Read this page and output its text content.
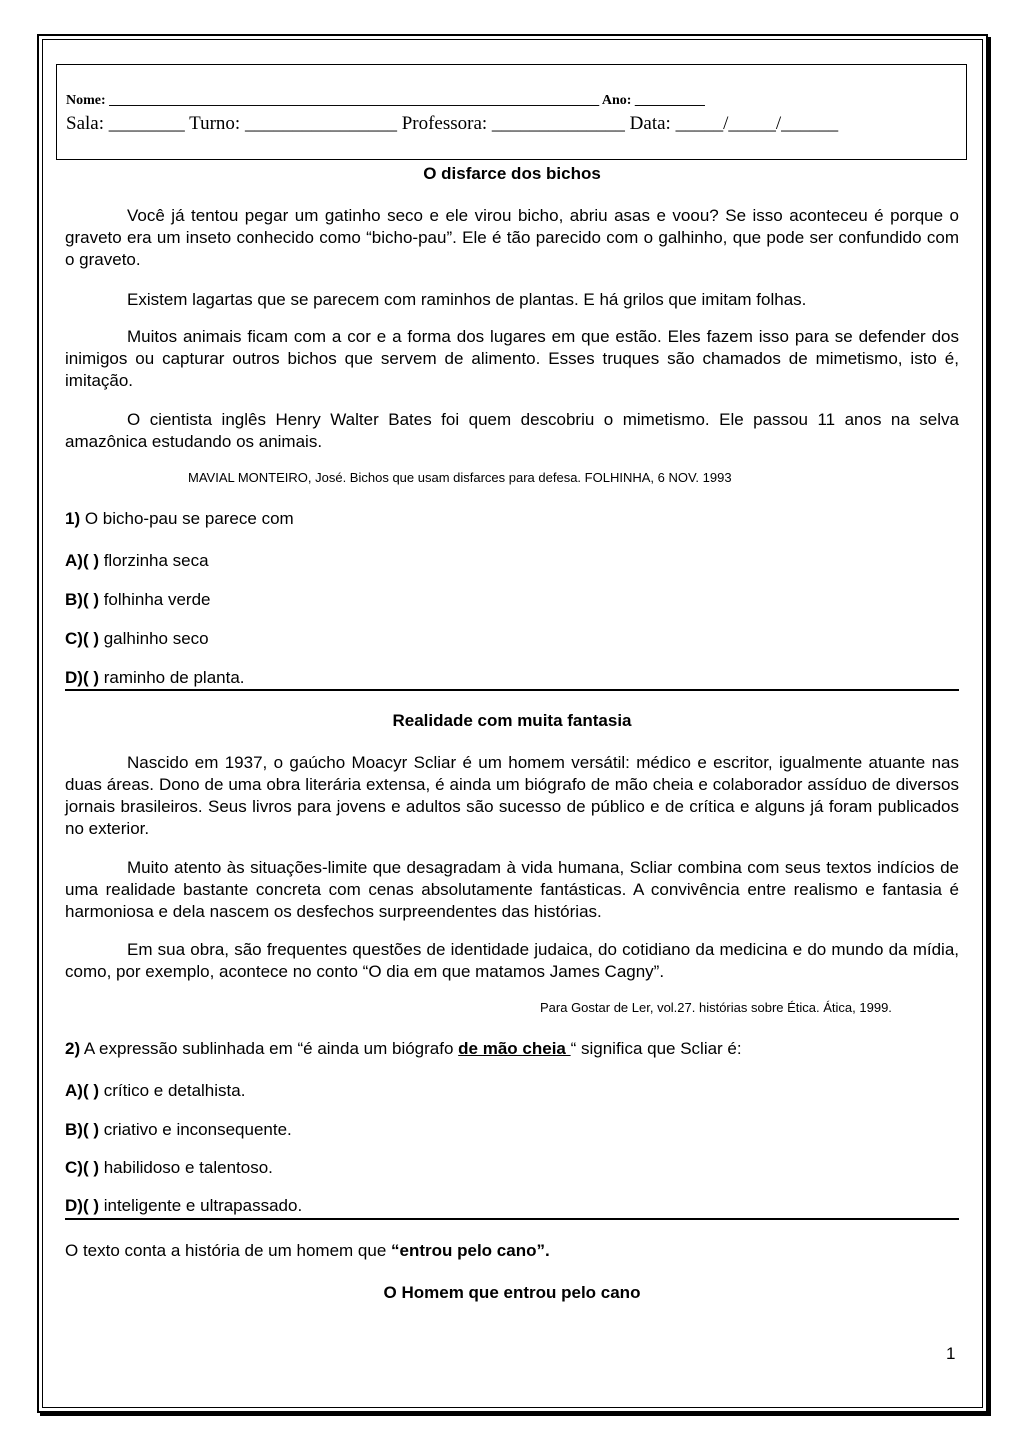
Nome: ______________________________________________________________________ Ano: __________
Sala: ________ Turno: ________________ Professora: ______________ Data: _____/_____/______
O disfarce dos bichos

Você já tentou pegar um gatinho seco e ele virou bicho, abriu asas e voou? Se isso aconteceu é porque o graveto era um inseto conhecido como “bicho-pau”. Ele é tão parecido com o galhinho, que pode ser confundido com o graveto.

Existem lagartas que se parecem com raminhos de plantas. E há grilos que imitam folhas.

Muitos animais ficam com a cor e a forma dos lugares em que estão. Eles fazem isso para se defender dos inimigos ou capturar outros bichos que servem de alimento. Esses truques são chamados de mimetismo, isto é, imitação.

O cientista inglês Henry Walter Bates foi quem descobriu o mimetismo. Ele passou 11 anos na selva amazônica estudando os animais.

MAVIAL MONTEIRO, José. Bichos que usam disfarces para defesa. FOLHINHA, 6 NOV. 1993
1) O bicho-pau se parece com
A)( ) florzinha seca
B)( ) folhinha verde
C)( ) galhinho seco
D)( ) raminho de planta.
Realidade com muita fantasia

Nascido em 1937, o gaúcho Moacyr Scliar é um homem versátil: médico e escritor, igualmente atuante nas duas áreas. Dono de uma obra literária extensa, é ainda um biógrafo de mão cheia e colaborador assíduo de diversos jornais brasileiros. Seus livros para jovens e adultos são sucesso de público e de crítica e alguns já foram publicados no exterior.

Muito atento às situações-limite que desagradam à vida humana, Scliar combina com seus textos indícios de uma realidade bastante concreta com cenas absolutamente fantásticas. A convivência entre realismo e fantasia é harmoniosa e dela nascem os desfechos surpreendentes das histórias.

Em sua obra, são frequentes questões de identidade judaica, do cotidiano da medicina e do mundo da mídia, como, por exemplo, acontece no conto “O dia em que matamos James Cagny”.

Para Gostar de Ler, vol.27. histórias sobre Ética. Ática, 1999.
2) A expressão sublinhada em “é ainda um biógrafo de mão cheia “ significa que Scliar é:
A)( ) crítico e detalhista.
B)( ) criativo e inconsequente.
C)( ) habilidoso e talentoso.
D)( ) inteligente e ultrapassado.
O texto conta a história de um homem que “entrou pelo cano”.
O Homem que entrou pelo cano
1
